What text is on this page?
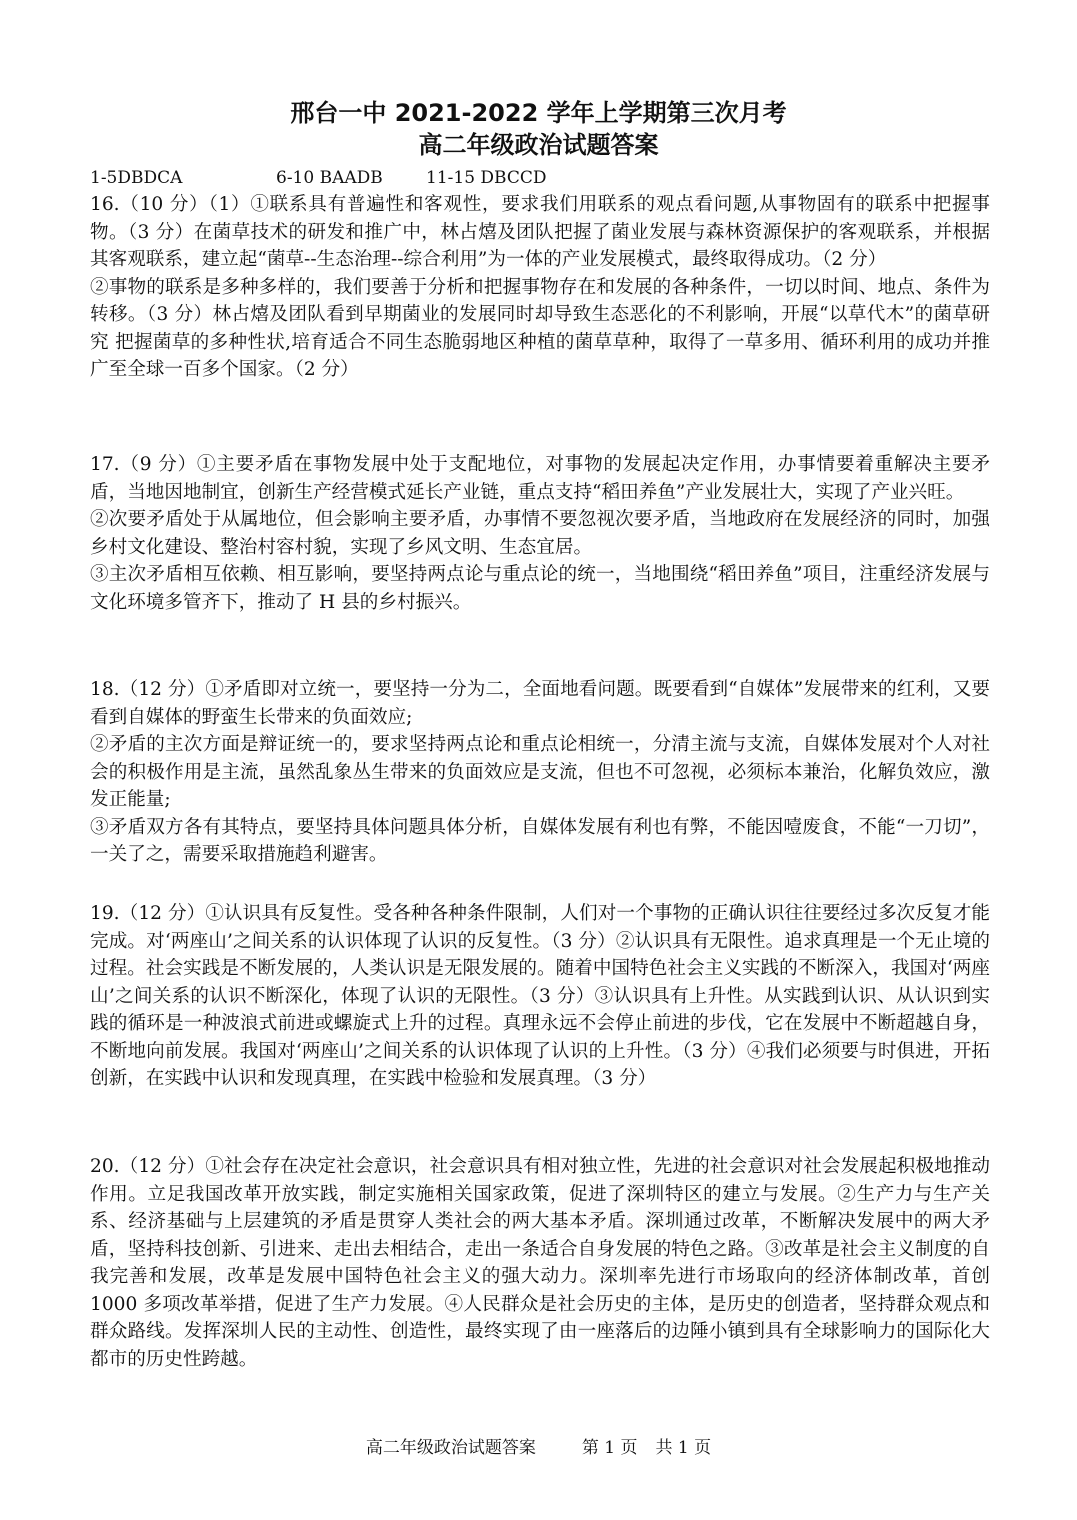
邢台一中 2021-2022 学年上学期第三次月考
高二年级政治试题答案
1-5DBDCA	6-10 BAADB	11-15 DBCCD

16.（10 分）（1）①联系具有普遍性和客观性，要求我们用联系的观点看问题,从事物固有的联系中把握事物。（3 分）在菌草技术的研发和推广中，林占熺及团队把握了菌业发展与森林资源保护的客观联系，并根据其客观联系，建立起“菌草--生态治理--综合利用”为一体的产业发展模式，最终取得成功。（2 分）

②事物的联系是多种多样的，我们要善于分析和把握事物存在和发展的各种条件，一切以时间、地点、条件为转移。（3 分）林占熺及团队看到早期菌业的发展同时却导致生态恶化的不利影响，开展“以草代木”的菌草研究 把握菌草的多种性状,培育适合不同生态脆弱地区种植的菌草草种，取得了一草多用、循环利用的成功并推广至全球一百多个国家。（2 分）

17.（9 分）①主要矛盾在事物发展中处于支配地位，对事物的发展起决定作用，办事情要着重解决主要矛盾，当地因地制宜，创新生产经营模式延长产业链，重点支持“稻田养鱼”产业发展壮大，实现了产业兴旺。

②次要矛盾处于从属地位，但会影响主要矛盾，办事情不要忽视次要矛盾，当地政府在发展经济的同时，加强乡村文化建设、整治村容村貌，实现了乡风文明、生态宜居。

③主次矛盾相互依赖、相互影响，要坚持两点论与重点论的统一，当地围绕“稻田养鱼”项目，注重经济发展与文化环境多管齐下，推动了 H 县的乡村振兴。

18.（12 分）①矛盾即对立统一，要坚持一分为二，全面地看问题。既要看到“自媒体”发展带来的红利，又要看到自媒体的野蛮生长带来的负面效应;

②矛盾的主次方面是辩证统一的，要求坚持两点论和重点论相统一，分清主流与支流，自媒体发展对个人对社会的积极作用是主流，虽然乱象丛生带来的负面效应是支流，但也不可忽视，必须标本兼治，化解负效应，激发正能量;

③矛盾双方各有其特点，要坚持具体问题具体分析，自媒体发展有利也有弊，不能因噎废食，不能“一刀切”，一关了之，需要采取措施趋利避害。

19.（12 分）①认识具有反复性。受各种各种条件限制，人们对一个事物的正确认识往往要经过多次反复才能完成。对‘两座山’之间关系的认识体现了认识的反复性。（3 分）②认识具有无限性。追求真理是一个无止境的过程。社会实践是不断发展的，人类认识是无限发展的。随着中国特色社会主义实践的不断深入，我国对‘两座山’之间关系的认识不断深化，体现了认识的无限性。（3 分）③认识具有上升性。从实践到认识、从认识到实践的循环是一种波浪式前进或螺旋式上升的过程。真理永远不会停止前进的步伐，它在发展中不断超越自身，不断地向前发展。我国对‘两座山’之间关系的认识体现了认识的上升性。（3 分）④我们必须要与时俱进，开拓创新，在实践中认识和发现真理，在实践中检验和发展真理。（3 分）

20.（12 分）①社会存在决定社会意识，社会意识具有相对独立性，先进的社会意识对社会发展起积极地推动作用。立足我国改革开放实践，制定实施相关国家政策，促进了深圳特区的建立与发展。②生产力与生产关系、经济基础与上层建筑的矛盾是贯穿人类社会的两大基本矛盾。深圳通过改革，不断解决发展中的两大矛盾，坚持科技创新、引进来、走出去相结合，走出一条适合自身发展的特色之路。③改革是社会主义制度的自我完善和发展，改革是发展中国特色社会主义的强大动力。深圳率先进行市场取向的经济体制改革，首创 1000 多项改革举措，促进了生产力发展。④人民群众是社会历史的主体，是历史的创造者，坚持群众观点和群众路线。发挥深圳人民的主动性、创造性，最终实现了由一座落后的边陲小镇到具有全球影响力的国际化大都市的历史性跨越。

高二年级政治试题答案	第 1 页 共 1 页
